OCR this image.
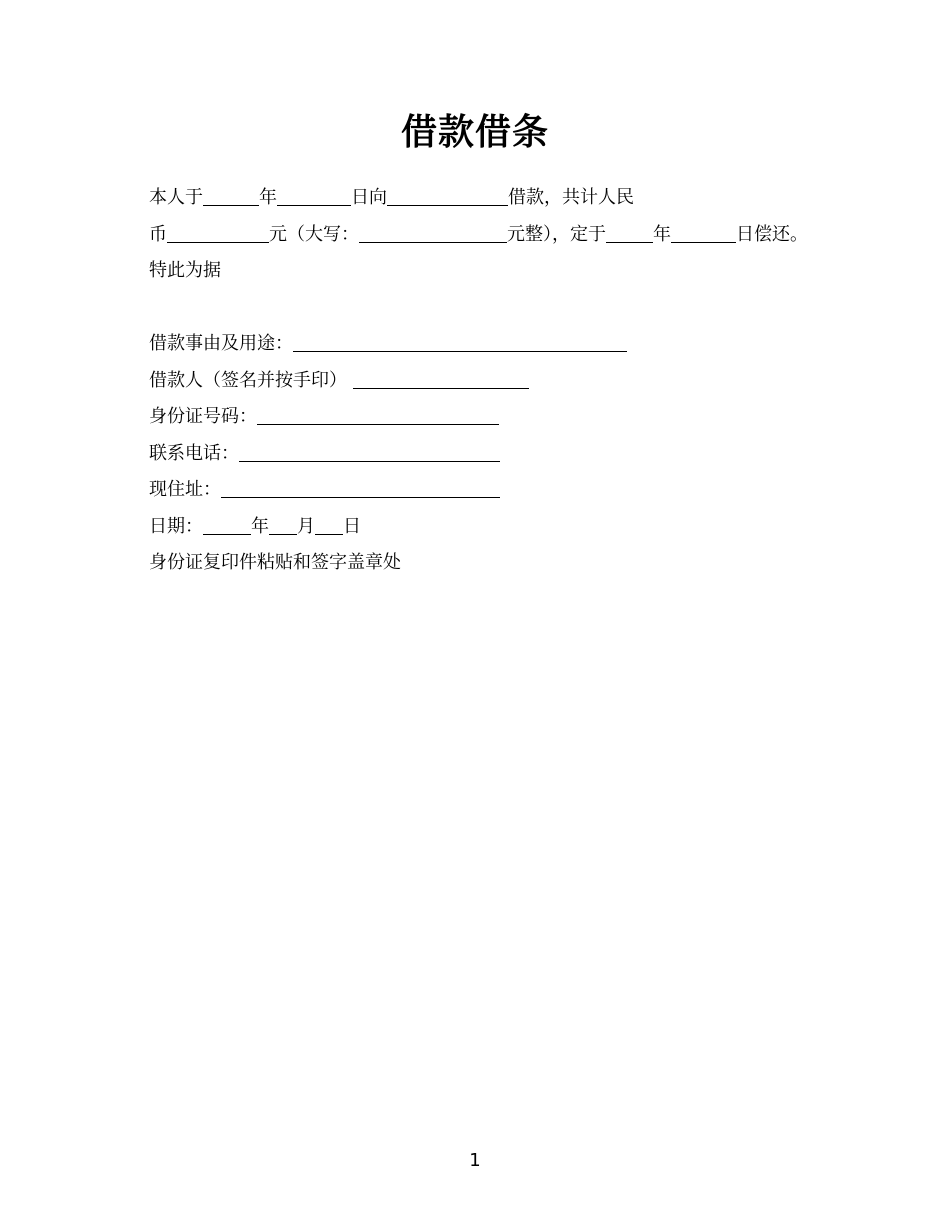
借款借条
本人于	年	日向	借款，共计人民
币	元（大写：	元整），定于	年	日偿还。
特此为据
借款事由及用途：
借款人（签名并按手印）
身份证号码：
联系电话：
现住址：
日期：	年 月 日
身份证复印件粘贴和签字盖章处
1
